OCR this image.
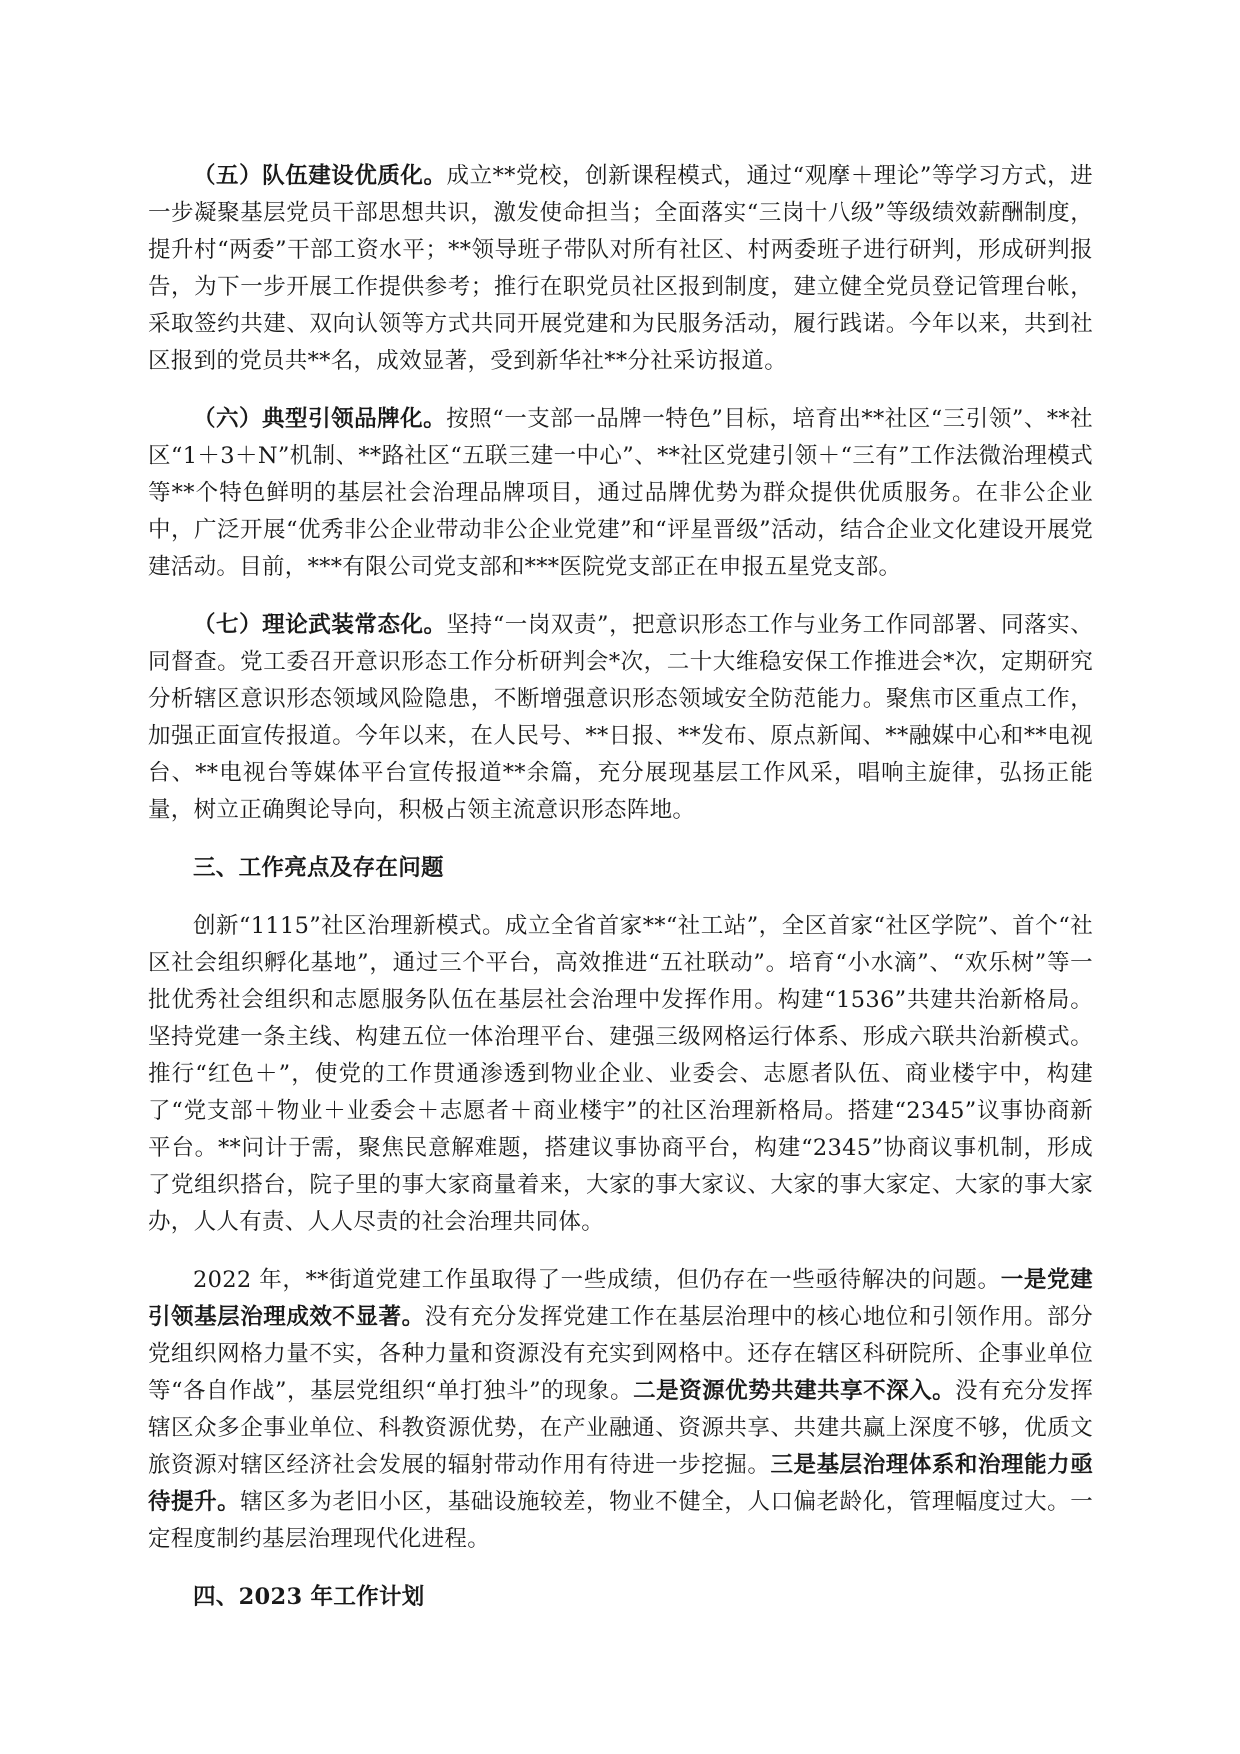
（五）队伍建设优质化。成立**党校，创新课程模式，通过“观摩＋理论”等学习方式，进一步凝聚基层党员干部思想共识，激发使命担当；全面落实“三岗十八级”等级绩效薪酬制度，提升村“两委”干部工资水平；**领导班子带队对所有社区、村两委班子进行研判，形成研判报告，为下一步开展工作提供参考；推行在职党员社区报到制度，建立健全党员登记管理台帐，采取签约共建、双向认领等方式共同开展党建和为民服务活动，履行践诺。今年以来，共到社区报到的党员共**名，成效显著，受到新华社**分社采访报道。

（六）典型引领品牌化。按照“一支部一品牌一特色”目标，培育出**社区“三引领”、**社区“1＋3＋N”机制、**路社区“五联三建一中心”、**社区党建引领＋“三有”工作法微治理模式等**个特色鲜明的基层社会治理品牌项目，通过品牌优势为群众提供优质服务。在非公企业中，广泛开展“优秀非公企业带动非公企业党建”和“评星晋级”活动，结合企业文化建设开展党建活动。目前，***有限公司党支部和***医院党支部正在申报五星党支部。

（七）理论武装常态化。坚持“一岗双责”，把意识形态工作与业务工作同部署、同落实、同督查。党工委召开意识形态工作分析研判会*次，二十大维稳安保工作推进会*次，定期研究分析辖区意识形态领域风险隐患，不断增强意识形态领域安全防范能力。聚焦市区重点工作，加强正面宣传报道。今年以来，在人民号、**日报、**发布、原点新闻、**融媒中心和**电视台、**电视台等媒体平台宣传报道**余篇，充分展现基层工作风采，唱响主旋律，弘扬正能量，树立正确舆论导向，积极占领主流意识形态阵地。

三、工作亮点及存在问题

创新“1115”社区治理新模式。成立全省首家**“社工站”，全区首家“社区学院”、首个“社区社会组织孵化基地”，通过三个平台，高效推进“五社联动”。培育“小水滴”、“欢乐树”等一批优秀社会组织和志愿服务队伍在基层社会治理中发挥作用。构建“1536”共建共治新格局。坚持党建一条主线、构建五位一体治理平台、建强三级网格运行体系、形成六联共治新模式。推行“红色＋”，使党的工作贯通渗透到物业企业、业委会、志愿者队伍、商业楼宇中，构建了“党支部＋物业＋业委会＋志愿者＋商业楼宇”的社区治理新格局。搭建“2345”议事协商新平台。**问计于需，聚焦民意解难题，搭建议事协商平台，构建“2345”协商议事机制，形成了党组织搭台，院子里的事大家商量着来，大家的事大家议、大家的事大家定、大家的事大家办，人人有责、人人尽责的社会治理共同体。

2022 年，**街道党建工作虽取得了一些成绩，但仍存在一些亟待解决的问题。一是党建引领基层治理成效不显著。没有充分发挥党建工作在基层治理中的核心地位和引领作用。部分党组织网格力量不实，各种力量和资源没有充实到网格中。还存在辖区科研院所、企事业单位等“各自作战”，基层党组织“单打独斗”的现象。二是资源优势共建共享不深入。没有充分发挥辖区众多企事业单位、科教资源优势，在产业融通、资源共享、共建共赢上深度不够，优质文旅资源对辖区经济社会发展的辐射带动作用有待进一步挖掘。三是基层治理体系和治理能力亟待提升。辖区多为老旧小区，基础设施较差，物业不健全，人口偏老龄化，管理幅度过大。一定程度制约基层治理现代化进程。

四、2023 年工作计划
